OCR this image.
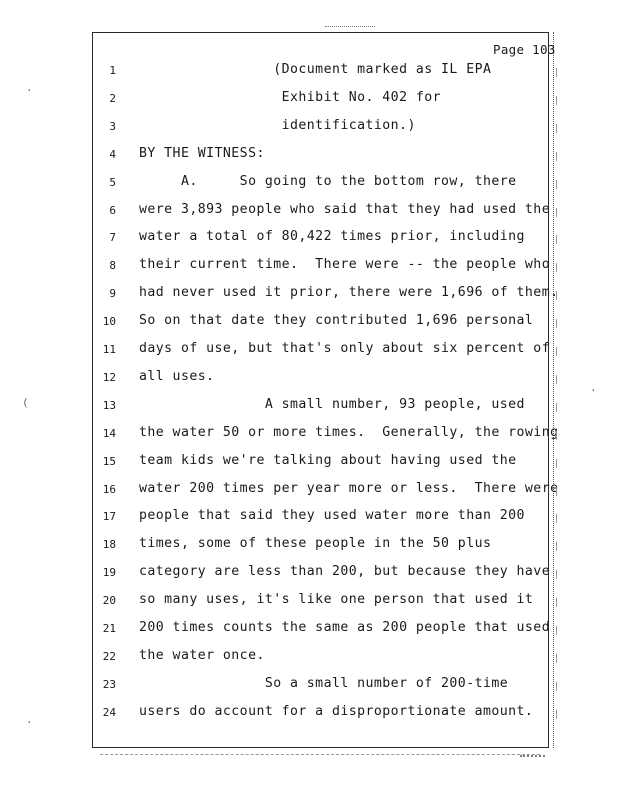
Page 103
1 (Document marked as IL EPA
2 Exhibit No. 402 for
3 identification.)
4 BY THE WITNESS:
5 A.     So going to the bottom row, there
6 were 3,893 people who said that they had used the
7 water a total of 80,422 times prior, including
8 their current time.  There were -- the people who
9 had never used it prior, there were 1,696 of them.
10 So on that date they contributed 1,696 personal
11 days of use, but that's only about six percent of
12 all uses.
13 A small number, 93 people, used
14 the water 50 or more times.  Generally, the rowing
15 team kids we're talking about having used the
16 water 200 times per year more or less.  There were
17 people that said they used water more than 200
18 times, some of these people in the 50 plus
19 category are less than 200, but because they have
20 so many uses, it's like one person that used it
21 200 times counts the same as 200 people that used
22 the water once.
23 So a small number of 200-time
24 users do account for a disproportionate amount.
·
(
·
·
